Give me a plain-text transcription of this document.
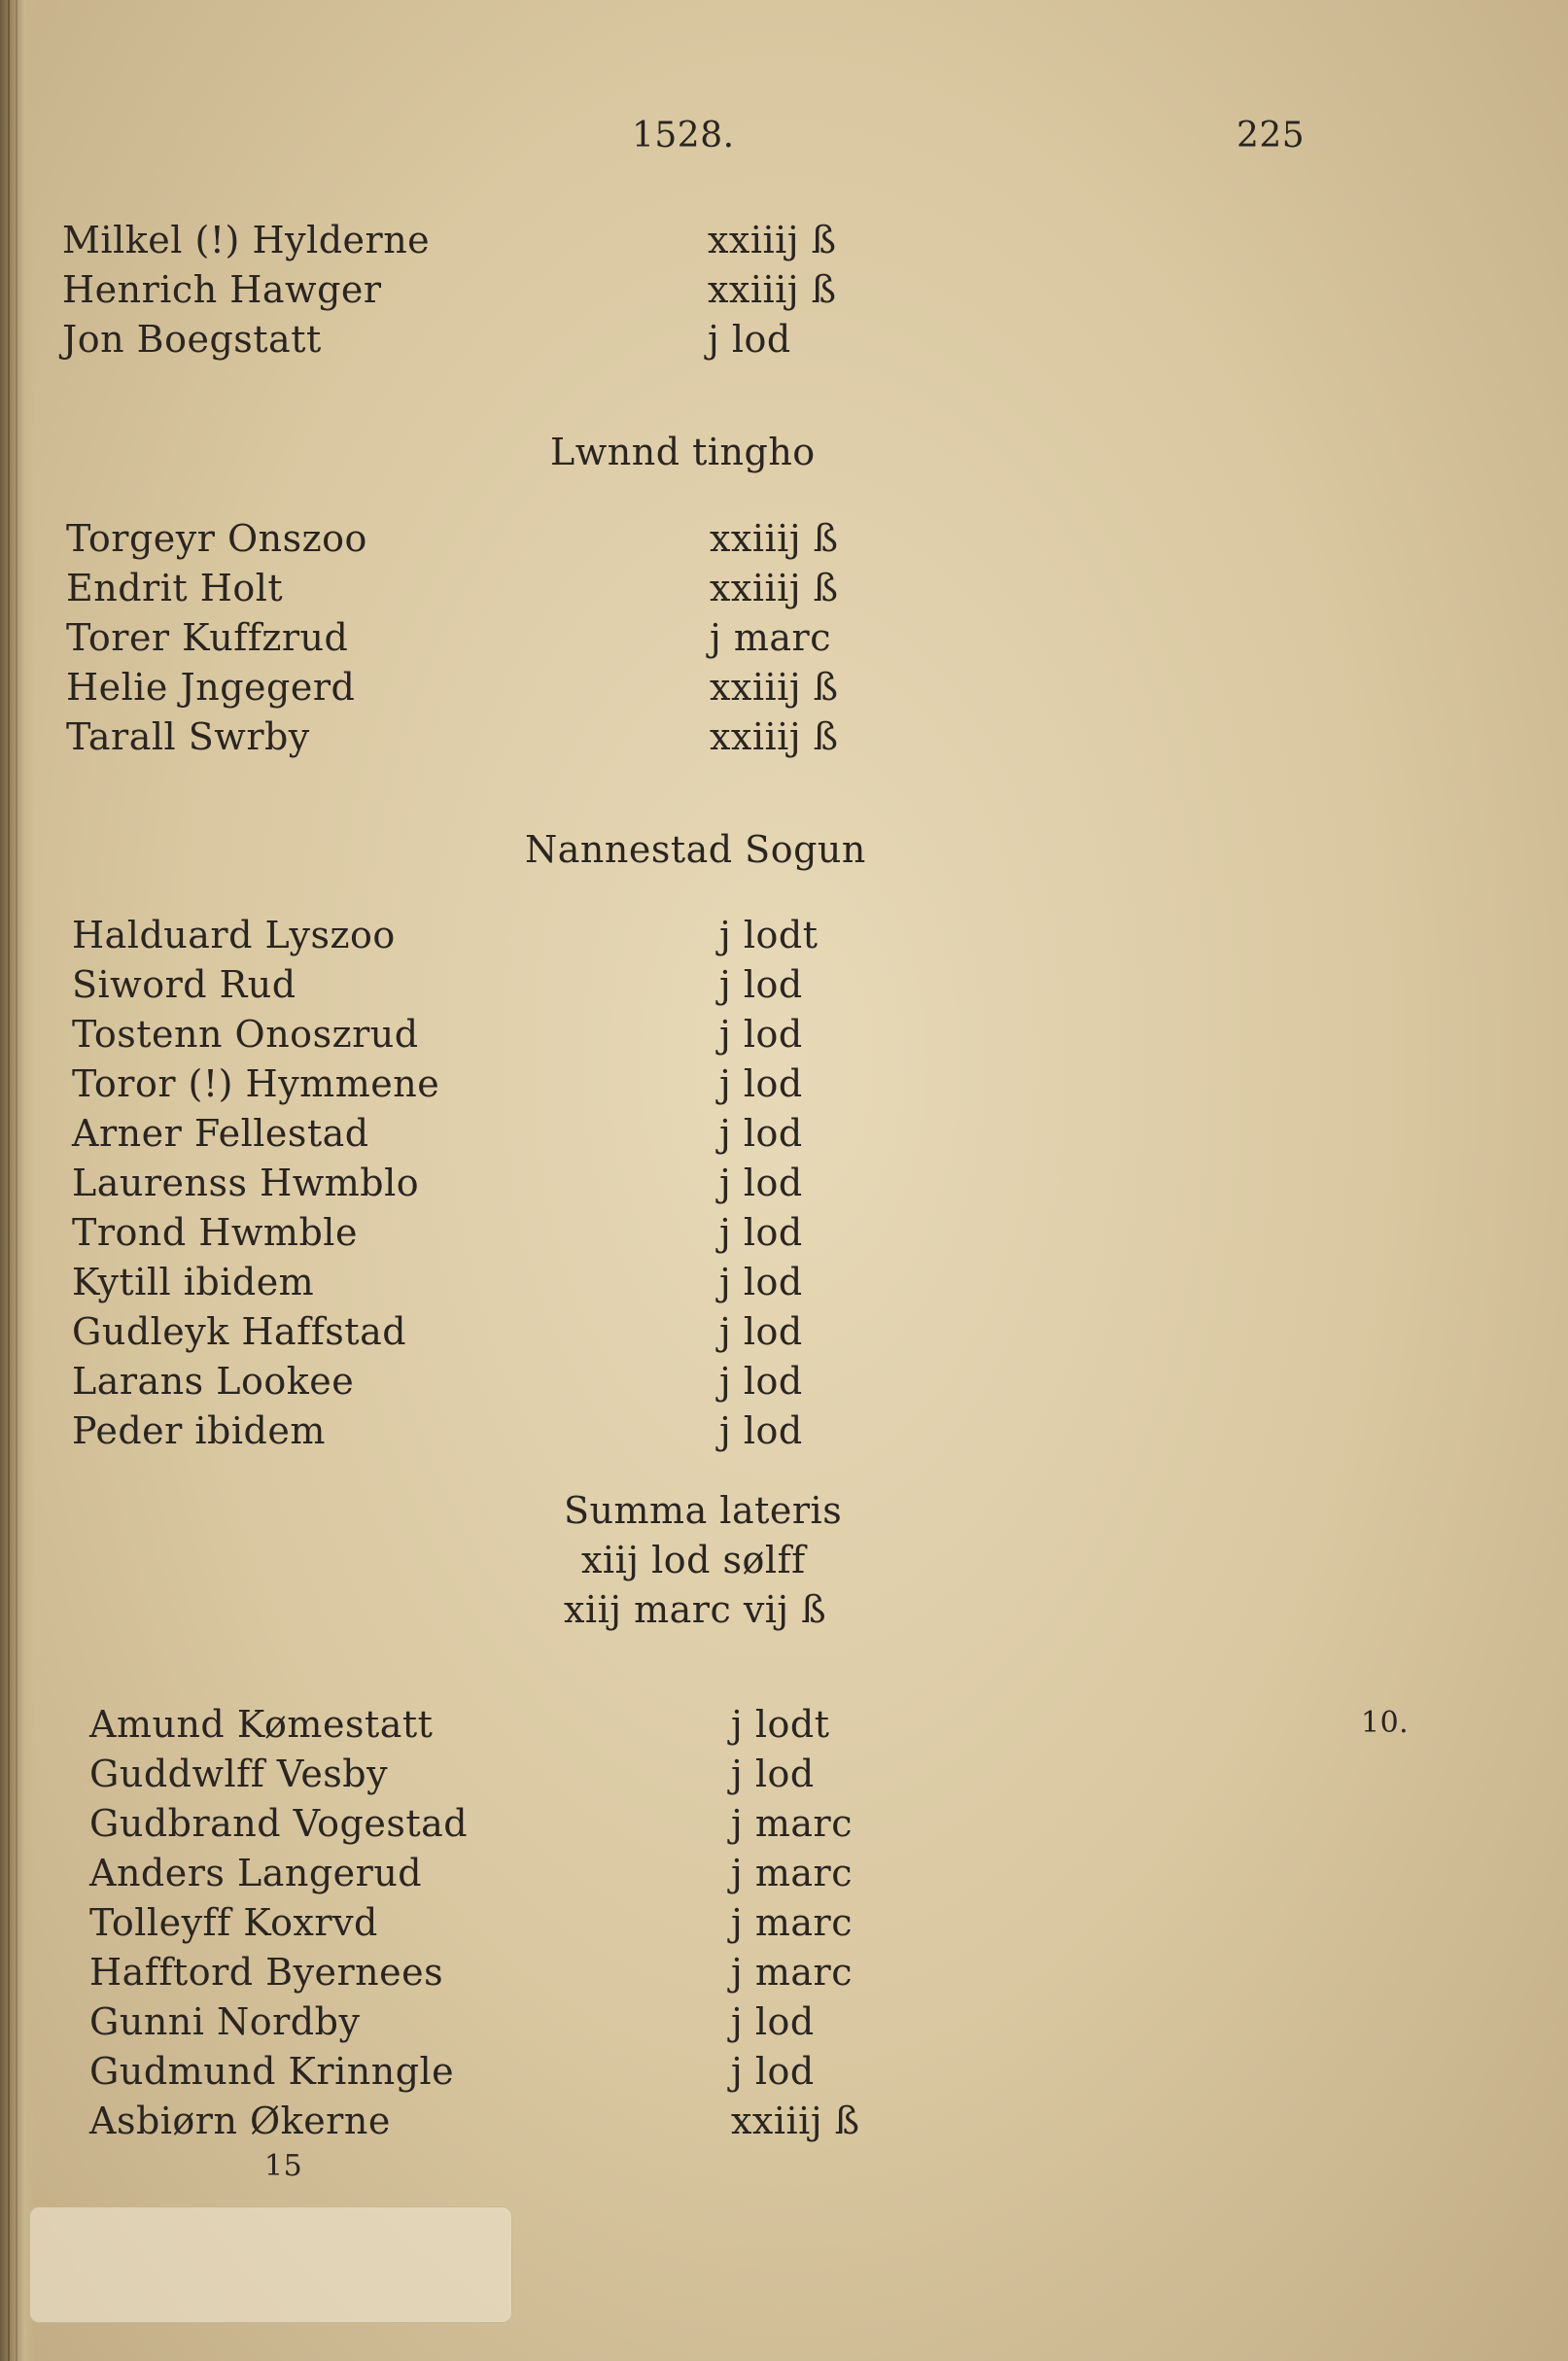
1528.	225
Milkel (!) Hylderne	xxiiij ß
Henrich Hawger	xxiiij ß
Jon Boegstatt	j lod
Lwnnd tingho
Torgeyr Onszoo	xxiiij ß
Endrit Holt	xxiiij ß
Torer Kuffzrud	j marc
Helie Jngegerd	xxiiij ß
Tarall Swrby	xxiiij ß
Nannestad Sogun
Halduard Lyszoo	j lodt
Siword Rud	j lod
Tostenn Onoszrud	j lod
Toror (!) Hymmene	j lod
Arner Fellestad	j lod
Laurenss Hwmblo	j lod
Trond Hwmble	j lod
Kytill ibidem	j lod
Gudleyk Haffstad	j lod
Larans Lookee	j lod
Peder ibidem	j lod
Summa lateris
xiij lod sølff
xiij marc vij ß
Amund Kømestatt	j lodt	10.
Guddwlff Vesby	j lod
Gudbrand Vogestad	j marc
Anders Langerud	j marc
Tolleyff Koxrvd	j marc
Hafftord Byernees	j marc
Gunni Nordby	j lod
Gudmund Krinngle	j lod
Asbiørn Økerne	xxiiij ß
15
